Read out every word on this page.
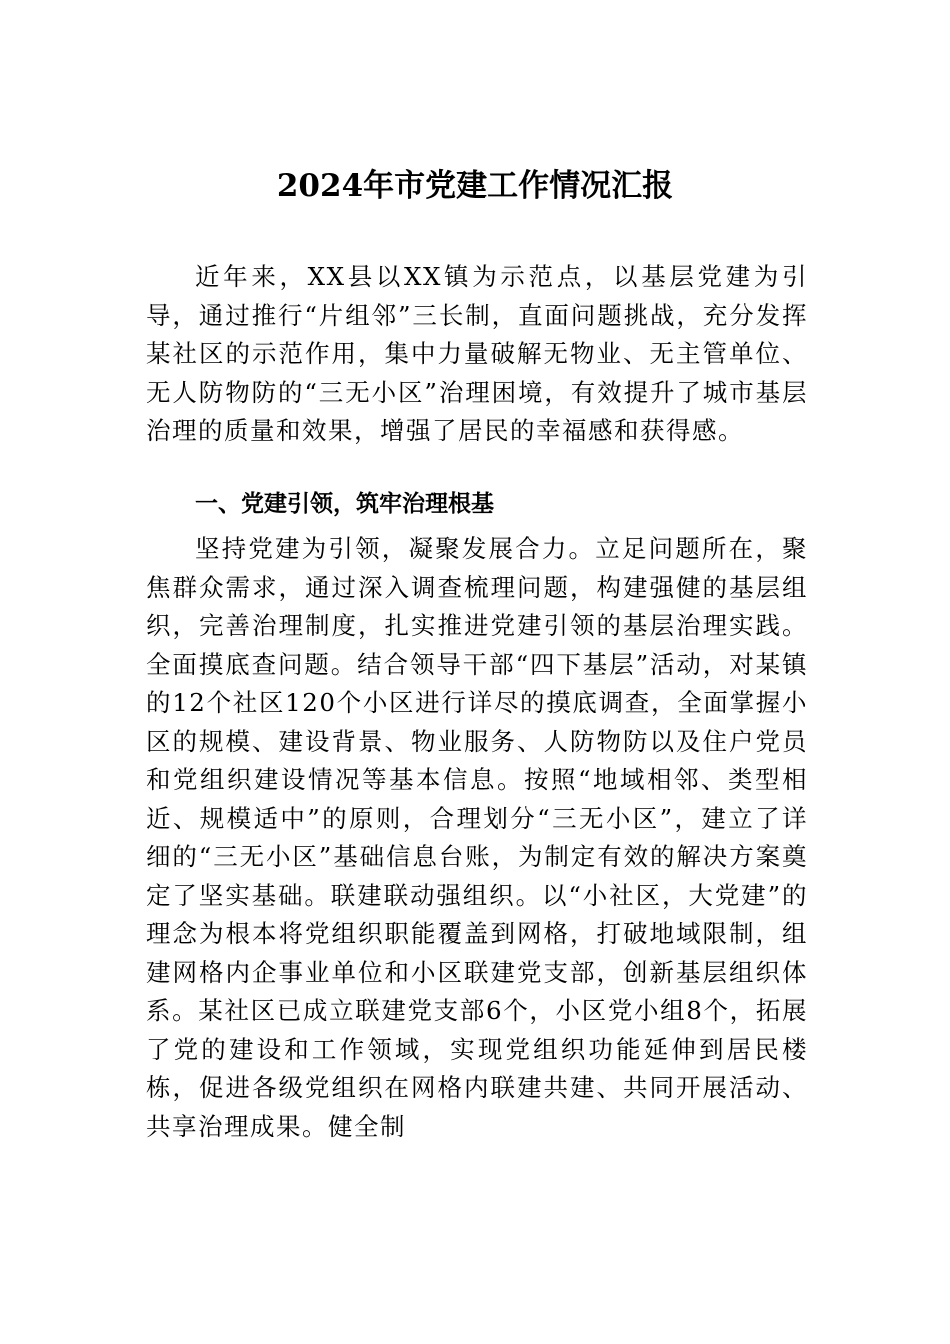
2024年市党建工作情况汇报

近年来，XX县以XX镇为示范点，以基层党建为引导，通过推行“片组邻”三长制，直面问题挑战，充分发挥某社区的示范作用，集中力量破解无物业、无主管单位、无人防物防的“三无小区”治理困境，有效提升了城市基层治理的质量和效果，增强了居民的幸福感和获得感。

一、党建引领，筑牢治理根基

坚持党建为引领，凝聚发展合力。立足问题所在，聚焦群众需求，通过深入调查梳理问题，构建强健的基层组织，完善治理制度，扎实推进党建引领的基层治理实践。全面摸底查问题。结合领导干部“四下基层”活动，对某镇的12个社区120个小区进行详尽的摸底调查，全面掌握小区的规模、建设背景、物业服务、人防物防以及住户党员和党组织建设情况等基本信息。按照“地域相邻、类型相近、规模适中”的原则，合理划分“三无小区”，建立了详细的“三无小区”基础信息台账，为制定有效的解决方案奠定了坚实基础。联建联动强组织。以“小社区，大党建”的理念为根本将党组织职能覆盖到网格，打破地域限制，组建网格内企事业单位和小区联建党支部，创新基层组织体系。某社区已成立联建党支部6个，小区党小组8个，拓展了党的建设和工作领域，实现党组织功能延伸到居民楼栋，促进各级党组织在网格内联建共建、共同开展活动、共享治理成果。健全制
